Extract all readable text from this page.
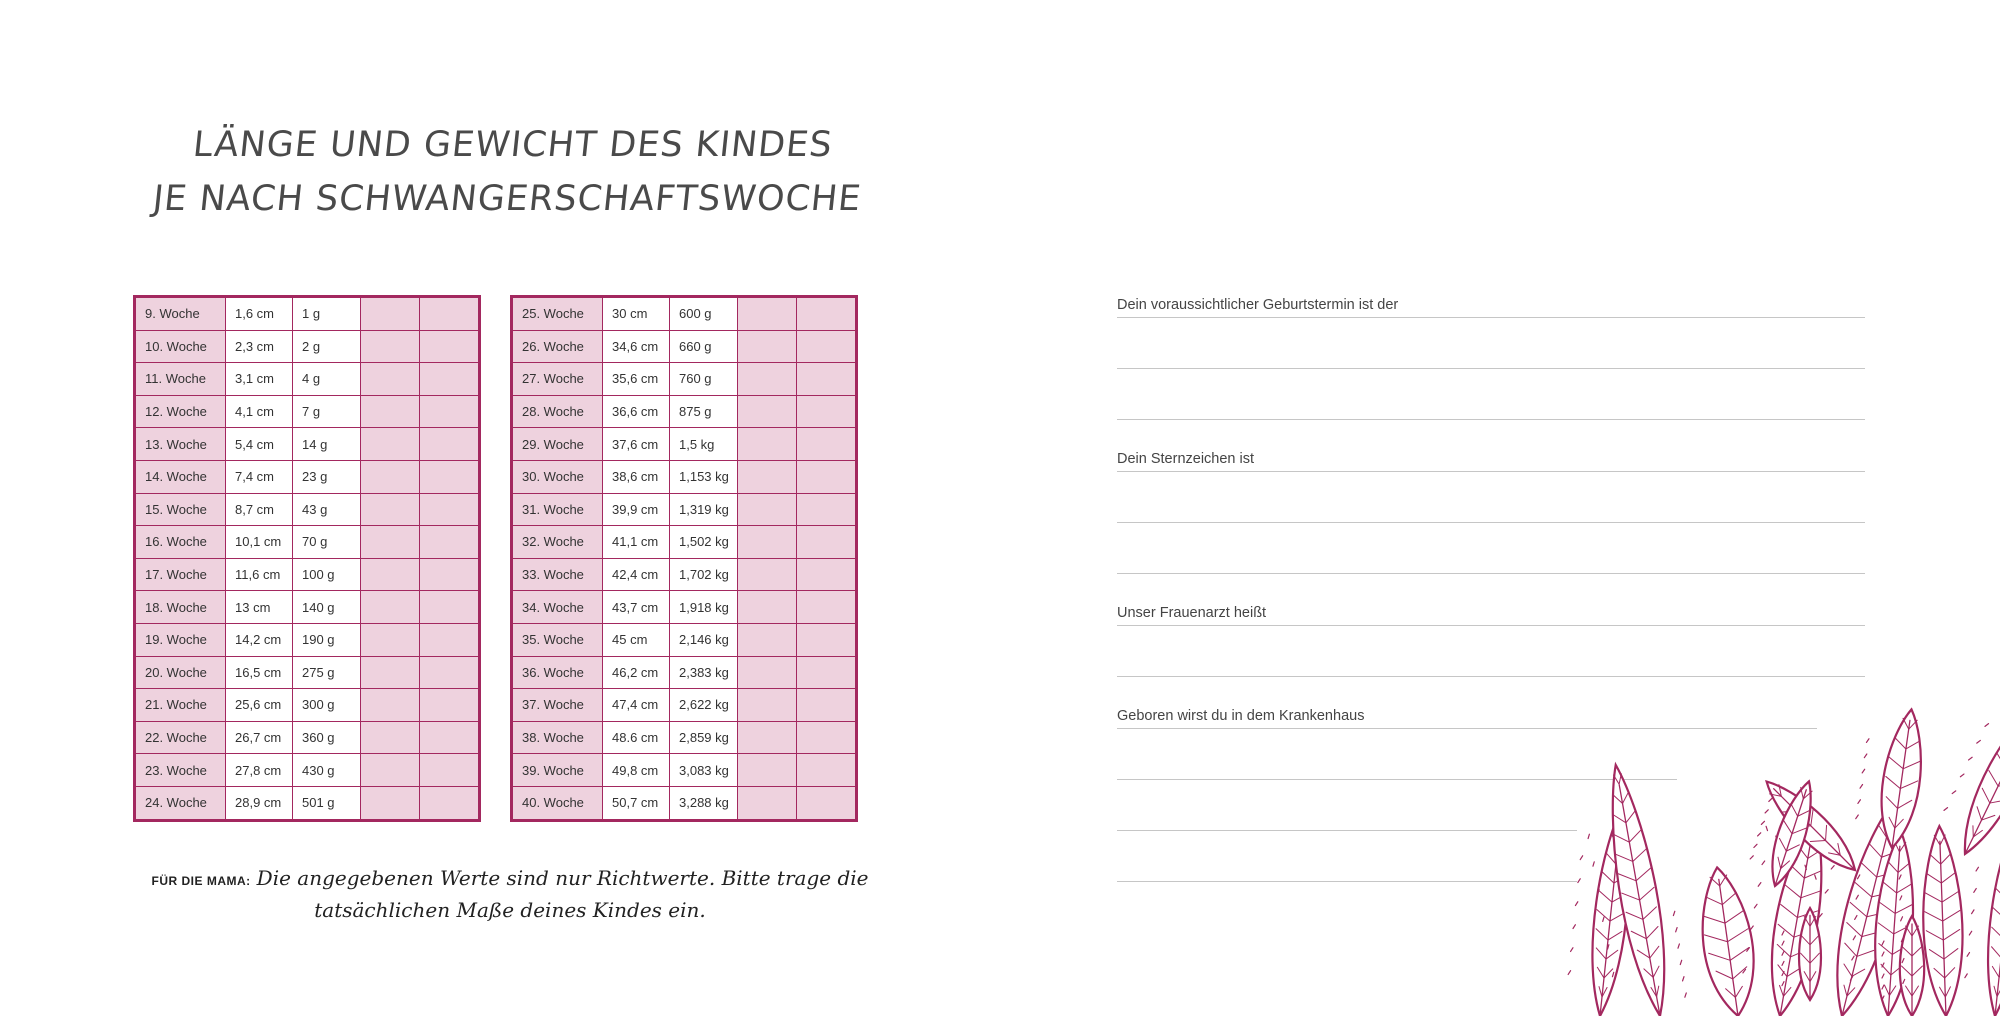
LÄNGE UND GEWICHT DES KINDES
JE NACH SCHWANGERSCHAFTSWOCHE
9. Woche	1,6 cm	1 g		
10. Woche	2,3 cm	2 g		
11. Woche	3,1 cm	4 g		
12. Woche	4,1 cm	7 g		
13. Woche	5,4 cm	14 g		
14. Woche	7,4 cm	23 g		
15. Woche	8,7 cm	43 g		
16. Woche	10,1 cm	70 g		
17. Woche	11,6 cm	100 g		
18. Woche	13 cm	140 g		
19. Woche	14,2 cm	190 g		
20. Woche	16,5 cm	275 g		
21. Woche	25,6 cm	300 g		
22. Woche	26,7 cm	360 g		
23. Woche	27,8 cm	430 g		
24. Woche	28,9 cm	501 g		
25. Woche	30 cm	600 g		
26. Woche	34,6 cm	660 g		
27. Woche	35,6 cm	760 g		
28. Woche	36,6 cm	875 g		
29. Woche	37,6 cm	1,5 kg		
30. Woche	38,6 cm	1,153 kg		
31. Woche	39,9 cm	1,319 kg		
32. Woche	41,1 cm	1,502 kg		
33. Woche	42,4 cm	1,702 kg		
34. Woche	43,7 cm	1,918 kg		
35. Woche	45 cm	2,146 kg		
36. Woche	46,2 cm	2,383 kg		
37. Woche	47,4 cm	2,622 kg		
38. Woche	48.6 cm	2,859 kg		
39. Woche	49,8 cm	3,083 kg		
40. Woche	50,7 cm	3,288 kg		
FÜR DIE MAMA: Die angegebenen Werte sind nur Richtwerte. Bitte trage die tatsächlichen Maße deines Kindes ein.
Dein voraussichtlicher Geburtstermin ist der
Dein Sternzeichen ist
Unser Frauenarzt heißt
Geboren wirst du in dem Krankenhaus
